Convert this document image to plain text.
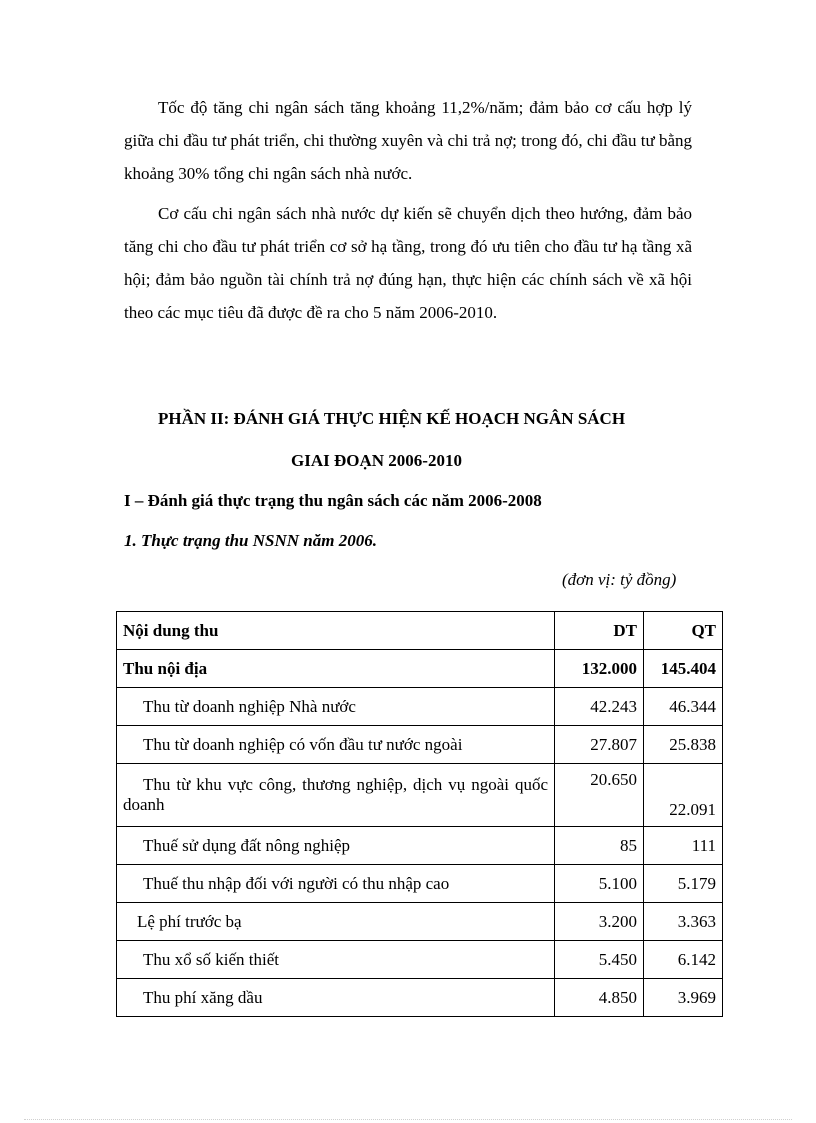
Tốc độ tăng chi ngân sách tăng khoảng 11,2%/năm; đảm bảo cơ cấu hợp lý giữa chi đầu tư phát triển, chi thường xuyên và chi trả nợ; trong đó, chi đầu tư bằng khoảng 30% tổng chi ngân sách nhà nước.

Cơ cấu chi ngân sách nhà nước dự kiến sẽ chuyển dịch theo hướng, đảm bảo tăng chi cho đầu tư phát triển cơ sở hạ tầng, trong đó ưu tiên cho đầu tư hạ tầng xã hội; đảm bảo nguồn tài chính trả nợ đúng hạn, thực hiện các chính sách về xã hội theo các mục tiêu đã được đề ra cho 5 năm 2006-2010.

PHẦN II: ĐÁNH GIÁ THỰC HIỆN KẾ HOẠCH NGÂN SÁCH
GIAI ĐOẠN 2006-2010
I – Đánh giá thực trạng thu ngân sách các năm 2006-2008
1. Thực trạng thu NSNN năm 2006.
(đơn vị: tỷ đồng)
Nội dung thu	DT	QT
Thu nội địa	132.000	145.404
Thu từ doanh nghiệp Nhà nước	42.243	46.344
Thu từ doanh nghiệp có vốn đầu tư nước ngoài	27.807	25.838
Thu từ khu vực công, thương nghiệp, dịch vụ ngoài quốc doanh	20.650	22.091
Thuế sử dụng đất nông nghiệp	85	111
Thuế thu nhập đối với người có thu nhập cao	5.100	5.179
Lệ phí trước bạ	3.200	3.363
Thu xổ số kiến thiết	5.450	6.142
Thu phí xăng dầu	4.850	3.969
